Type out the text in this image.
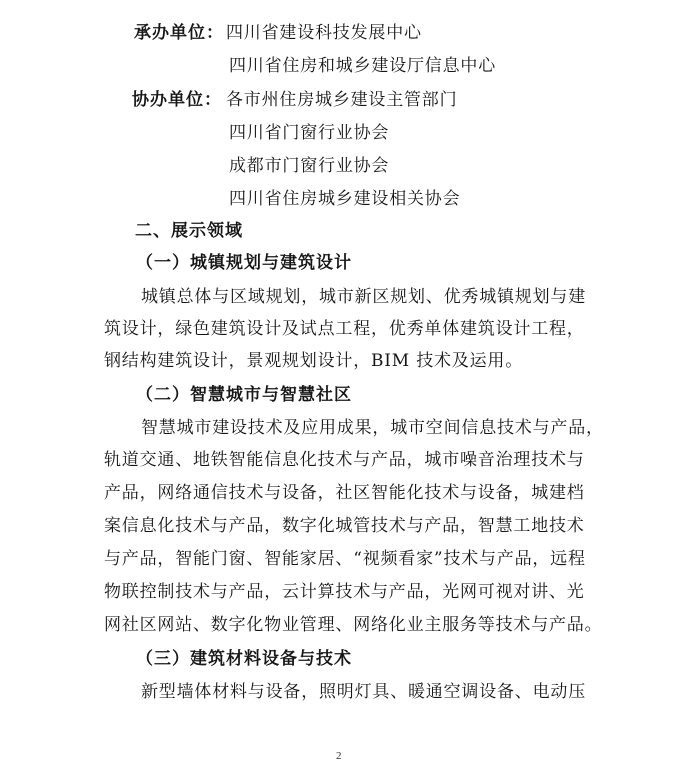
承办单位： 四川省建设科技发展中心
四川省住房和城乡建设厅信息中心
协办单位： 各市州住房城乡建设主管部门
四川省门窗行业协会
成都市门窗行业协会
四川省住房城乡建设相关协会
二、展示领域
（一）城镇规划与建筑设计
城镇总体与区域规划，城市新区规划、优秀城镇规划与建
筑设计，绿色建筑设计及试点工程，优秀单体建筑设计工程，
钢结构建筑设计，景观规划设计，BIM 技术及运用。
（二）智慧城市与智慧社区
智慧城市建设技术及应用成果，城市空间信息技术与产品，
轨道交通、地铁智能信息化技术与产品，城市噪音治理技术与
产品，网络通信技术与设备，社区智能化技术与设备，城建档
案信息化技术与产品，数字化城管技术与产品，智慧工地技术
与产品，智能门窗、智能家居、“视频看家”技术与产品，远程
物联控制技术与产品，云计算技术与产品，光网可视对讲、光
网社区网站、数字化物业管理、网络化业主服务等技术与产品。
（三）建筑材料设备与技术
新型墙体材料与设备，照明灯具、暖通空调设备、电动压
2
